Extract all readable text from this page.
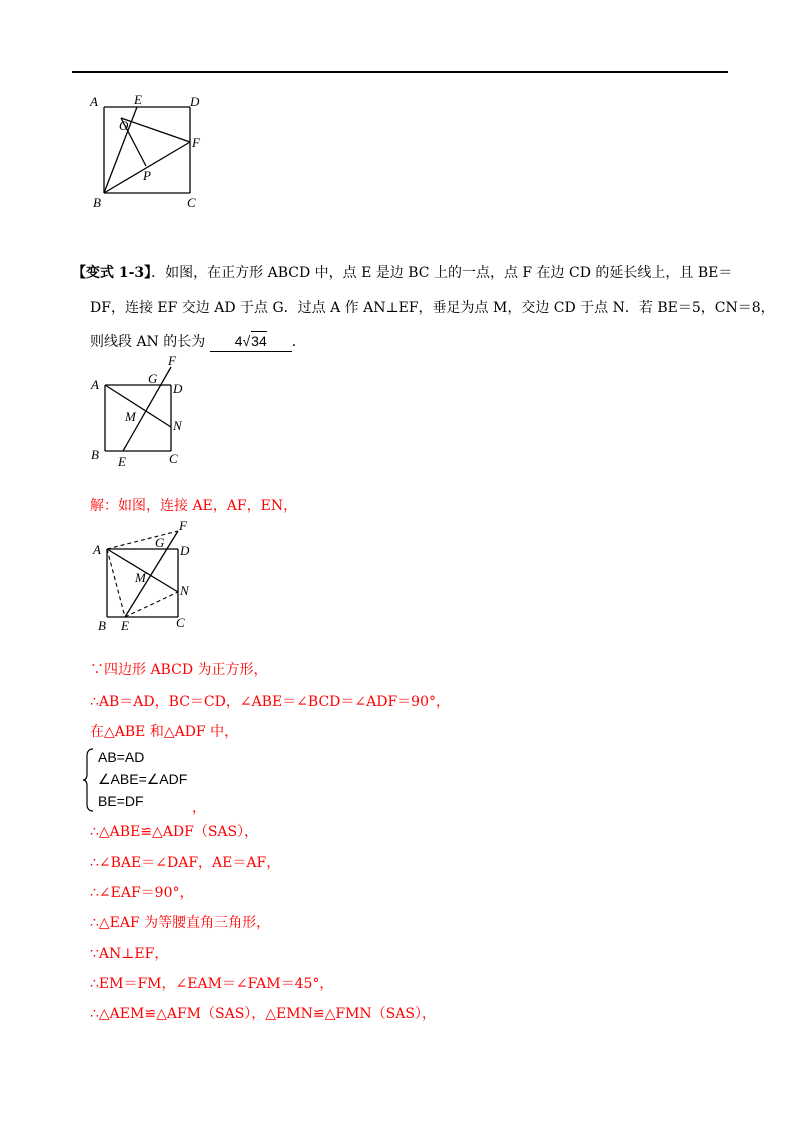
A	E	D
O
F
P
B	C
【变式 1-3】．如图，在正方形 ABCD 中，点 E 是边 BC 上的一点，点 F 在边 CD 的延长线上，且 BE＝
DF，连接 EF 交边 AD 于点 G．过点 A 作 AN⊥EF，垂足为点 M，交边 CD 于点 N．若 BE＝5，CN＝8，
则线段 AN 的长为 4√34 ．
F
A	G
D
M
N
B E	C
解：如图，连接 AE，AF，EN，
F
A	G
D
M
N
B E	C
∵四边形 ABCD 为正方形，
∴AB＝AD，BC＝CD，∠ABE＝∠BCD＝∠ADF＝90°，
在△ABE 和△ADF 中，
AB=AD
∠ABE=∠ADF
BE=DF	，
∴△ABE≌△ADF（SAS），
∴∠BAE＝∠DAF，AE＝AF，
∴∠EAF＝90°，
∴△EAF 为等腰直角三角形，
∵AN⊥EF，
∴EM＝FM，∠EAM＝∠FAM＝45°，
∴△AEM≌△AFM（SAS），△EMN≌△FMN（SAS），
